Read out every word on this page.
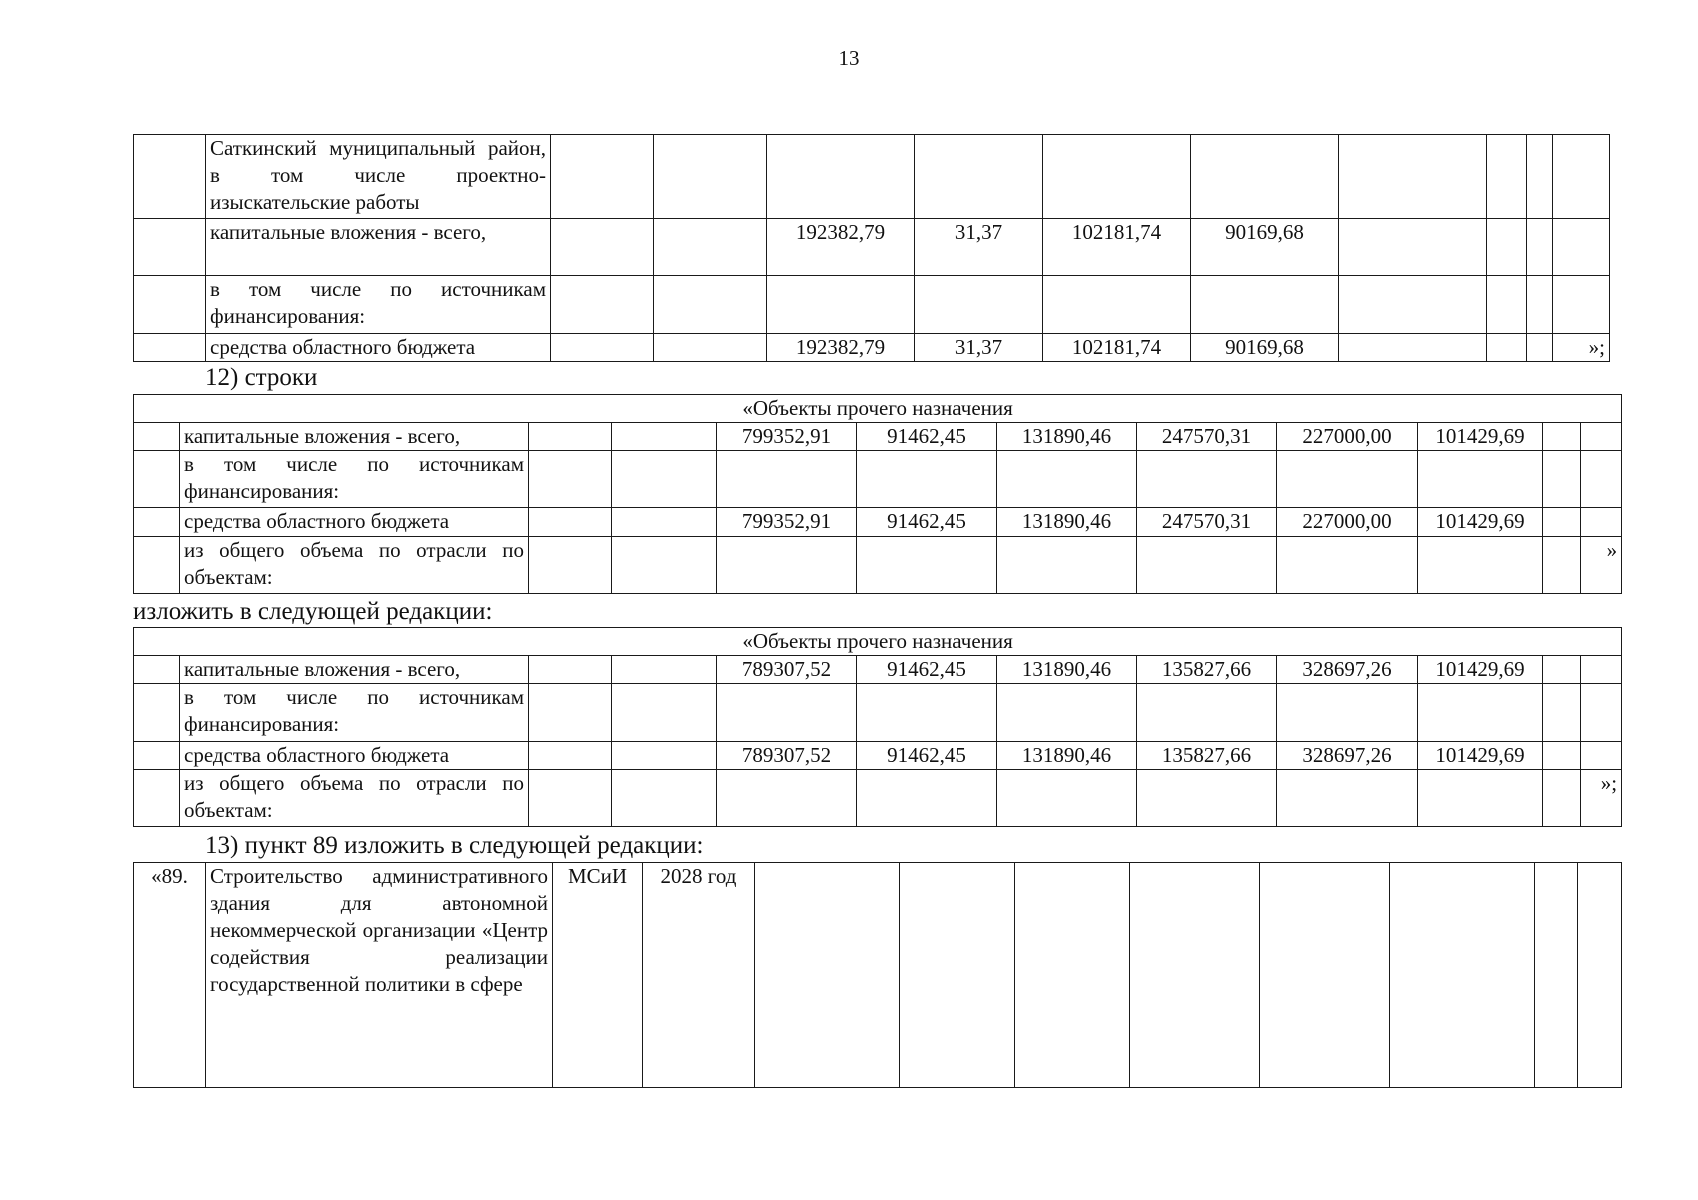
13
	Саткинский муниципальный район, в том числе проектно-изыскательские работы										
	капитальные вложения - всего,			192382,79	31,37	102181,74	90169,68				
	в том числе по источникам финансирования:										
	средства областного бюджета			192382,79	31,37	102181,74	90169,68				»;
12) строки
«Объекты прочего назначения											
	капитальные вложения - всего,			799352,91	91462,45	131890,46	247570,31	227000,00	101429,69		
	в том числе по источникам финансирования:										
	средства областного бюджета			799352,91	91462,45	131890,46	247570,31	227000,00	101429,69		
	из общего объема по отрасли по объектам:										»
изложить в следующей редакции:
«Объекты прочего назначения											
	капитальные вложения - всего,			789307,52	91462,45	131890,46	135827,66	328697,26	101429,69		
	в том числе по источникам финансирования:										
	средства областного бюджета			789307,52	91462,45	131890,46	135827,66	328697,26	101429,69		
	из общего объема по отрасли по объектам:										»;
13) пункт 89 изложить в следующей редакции:
«89.	Строительство административного здания для автономной некоммерческой организации «Центр содействия реализации государственной политики в сфере	МСиИ	2028 год								
